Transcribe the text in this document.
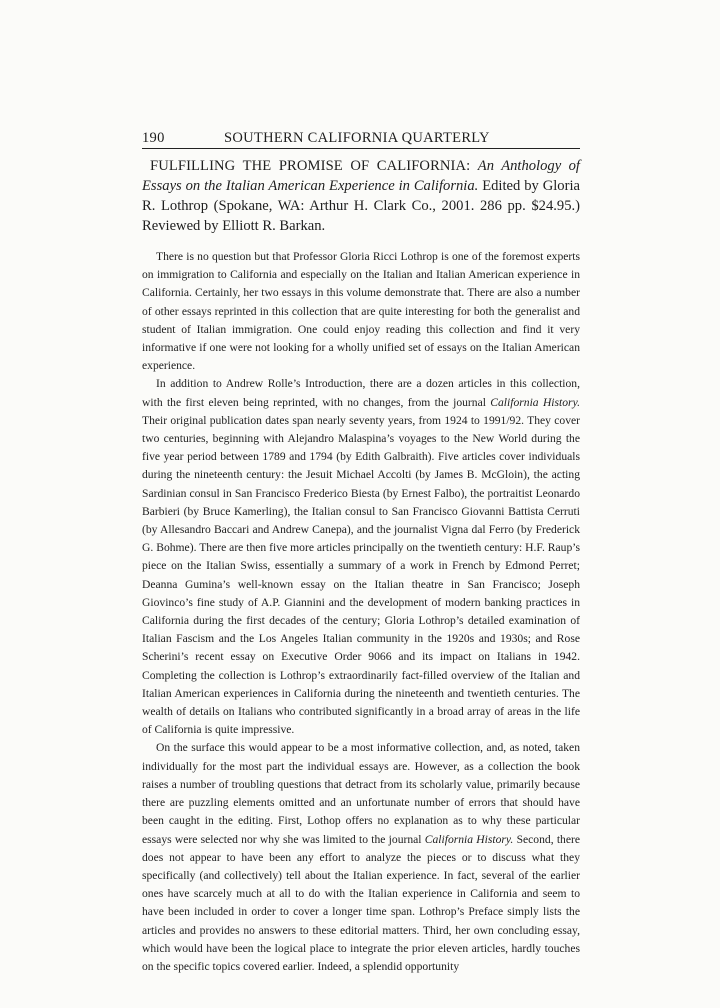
190	SOUTHERN CALIFORNIA QUARTERLY
FULFILLING THE PROMISE OF CALIFORNIA: An Anthology of Essays on the Italian American Experience in California. Edited by Gloria R. Lothrop (Spokane, WA: Arthur H. Clark Co., 2001. 286 pp. $24.95.) Reviewed by Elliott R. Barkan.

There is no question but that Professor Gloria Ricci Lothrop is one of the foremost experts on immigration to California and especially on the Italian and Italian American experience in California. Certainly, her two essays in this volume demonstrate that. There are also a number of other essays reprinted in this collection that are quite interesting for both the generalist and student of Italian immigration. One could enjoy reading this collection and find it very informative if one were not looking for a wholly unified set of essays on the Italian American experience.

In addition to Andrew Rolle’s Introduction, there are a dozen articles in this collection, with the first eleven being reprinted, with no changes, from the journal California History. Their original publication dates span nearly seventy years, from 1924 to 1991/92. They cover two centuries, beginning with Alejandro Malaspina’s voyages to the New World during the five year period between 1789 and 1794 (by Edith Galbraith). Five articles cover individuals during the nineteenth century: the Jesuit Michael Accolti (by James B. McGloin), the acting Sardinian consul in San Francisco Frederico Biesta (by Ernest Falbo), the portraitist Leonardo Barbieri (by Bruce Kamerling), the Italian consul to San Francisco Giovanni Battista Cerruti (by Allesandro Baccari and Andrew Canepa), and the journalist Vigna dal Ferro (by Frederick G. Bohme). There are then five more articles principally on the twentieth century: H.F. Raup’s piece on the Italian Swiss, essentially a summary of a work in French by Edmond Perret; Deanna Gumina’s well-known essay on the Italian theatre in San Francisco; Joseph Giovinco’s fine study of A.P. Giannini and the development of modern banking practices in California during the first decades of the century; Gloria Lothrop’s detailed examination of Italian Fascism and the Los Angeles Italian community in the 1920s and 1930s; and Rose Scherini’s recent essay on Executive Order 9066 and its impact on Italians in 1942. Completing the collection is Lothrop’s extraordinarily fact-filled overview of the Italian and Italian American experiences in California during the nineteenth and twentieth centuries. The wealth of details on Italians who contributed significantly in a broad array of areas in the life of California is quite impressive.

On the surface this would appear to be a most informative collection, and, as noted, taken individually for the most part the individual essays are. However, as a collection the book raises a number of troubling questions that detract from its scholarly value, primarily because there are puzzling elements omitted and an unfortunate number of errors that should have been caught in the editing. First, Lothop offers no explanation as to why these particular essays were selected nor why she was limited to the journal California History. Second, there does not appear to have been any effort to analyze the pieces or to discuss what they specifically (and collectively) tell about the Italian experience. In fact, several of the earlier ones have scarcely much at all to do with the Italian experience in California and seem to have been included in order to cover a longer time span. Lothrop’s Preface simply lists the articles and provides no answers to these editorial matters. Third, her own concluding essay, which would have been the logical place to integrate the prior eleven articles, hardly touches on the specific topics covered earlier. Indeed, a splendid opportunity
